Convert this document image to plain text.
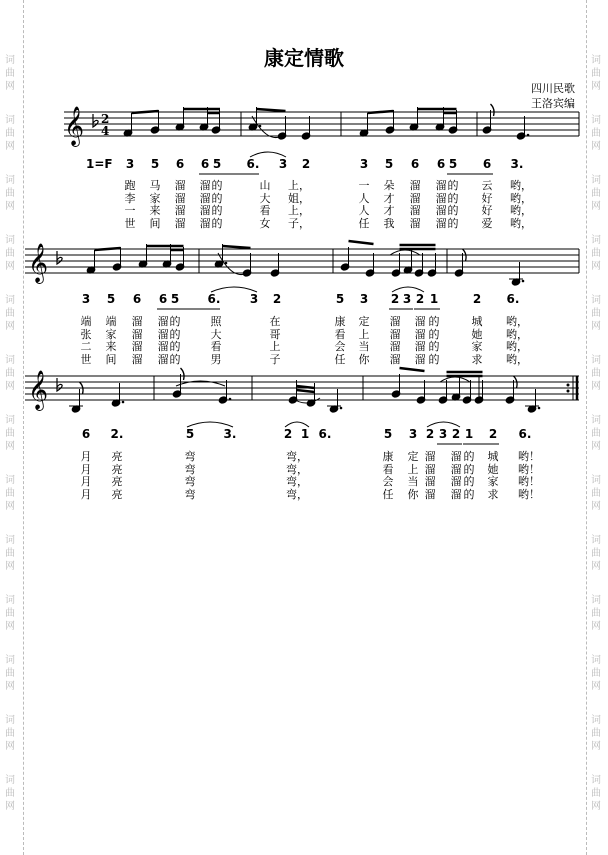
词
曲
网
词
曲
网
词
曲
网
词
曲
网
词
曲
网
词
曲
网
词
曲
网
词
曲
网
词
曲
网
词
曲
网
词
曲
网
词
曲
网
词
曲
网
词
曲
网
词
曲
网
词
曲
网
词
曲
网
词
曲
网
词
曲
网
词
曲
网
词
曲
网
词
曲
网
词
曲
网
词
曲
网
词
曲
网
词
曲
网
康定情歌
四川民歌
王洛宾编
𝄞 2
4
𝄞
𝄞
1=F	3	5	6	6 5	6.	3	2	3	5	6	6 5	6	3.
3	5	6	6 5	6.	3	2	5	3	2 3 2 1	2	6.
6	2.	5	3.	2 1 6.	5	3 2 3 2 1	2	6.
跑 马 溜 溜 的	山 上，	一 朵 溜 溜 的 云 哟，
李 家 溜 溜 的	大 姐，	人 才 溜 溜 的 好 哟，
一 来 溜 溜 的	看 上，	人 才 溜 溜 的 好 哟，
世 间 溜 溜 的	女 子，	任 我 溜 溜 的 爱 哟，
端 端 溜 溜 的	照	在	康 定 溜 溜 的	城 哟，
张 家 溜 溜 的	大	哥	看 上 溜 溜 的	她 哟，
二 来 溜 溜 的	看	上	会 当 溜 溜 的	家 哟，
世 间 溜 溜 的	男	子	任 你 溜 溜 的	求 哟，
月 亮	弯	弯，	康 定 溜 溜 的 城 哟！
月 亮	弯	弯，	看 上 溜 溜 的 她 哟！
月 亮	弯	弯，	会 当 溜 溜 的 家 哟！
月 亮	弯	弯，	任 你 溜 溜 的 求 哟！
